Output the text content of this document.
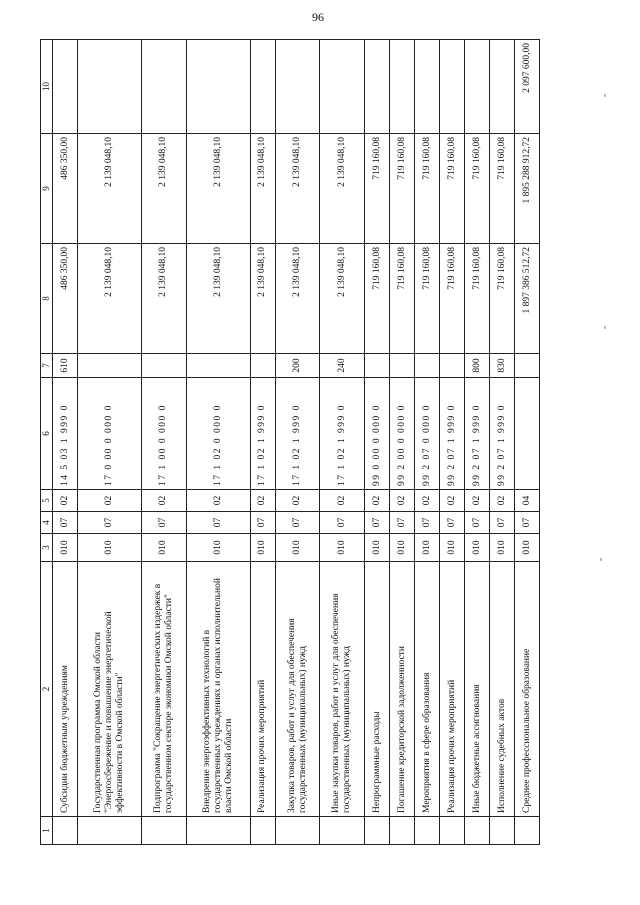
96
1	2	3	4	5	6	7	8	9	10
	Субсидии бюджетным учреждениям	010	07	02	14 5 03 1 999 0	610	486 350,00	486 350,00	
	Государственная программа Омской области "Энергосбережение и повышение энергетической эффективности в Омской области"	010	07	02	17 0 00 0 000 0		2 139 048,10	2 139 048,10	
	Подпрограмма "Сокращение энергетических издержек в государственном секторе экономики Омской области"	010	07	02	17 1 00 0 000 0		2 139 048,10	2 139 048,10	
	Внедрение энергоэффективных технологий в государственных учреждениях и органах исполнительной власти Омской области	010	07	02	17 1 02 0 000 0		2 139 048,10	2 139 048,10	
	Реализация прочих мероприятий	010	07	02	17 1 02 1 999 0		2 139 048,10	2 139 048,10	
	Закупка товаров, работ и услуг для обеспечения государственных (муниципальных) нужд	010	07	02	17 1 02 1 999 0	200	2 139 048,10	2 139 048,10	
	Иные закупки товаров, работ и услуг для обеспечения государственных (муниципальных) нужд	010	07	02	17 1 02 1 999 0	240	2 139 048,10	2 139 048,10	
	Непрограммные расходы	010	07	02	99 0 00 0 000 0		719 160,08	719 160,08	
	Погашение кредиторской задолженности	010	07	02	99 2 00 0 000 0		719 160,08	719 160,08	
	Мероприятия в сфере образования	010	07	02	99 2 07 0 000 0		719 160,08	719 160,08	
	Реализация прочих мероприятий	010	07	02	99 2 07 1 999 0		719 160,08	719 160,08	
	Иные бюджетные ассигнования	010	07	02	99 2 07 1 999 0	800	719 160,08	719 160,08	
	Исполнение судебных актов	010	07	02	99 2 07 1 999 0	830	719 160,08	719 160,08	
	Среднее профессиональное образование	010	07	04			1 897 386 512,72	1 895 288 912,72	2 097 600,00
